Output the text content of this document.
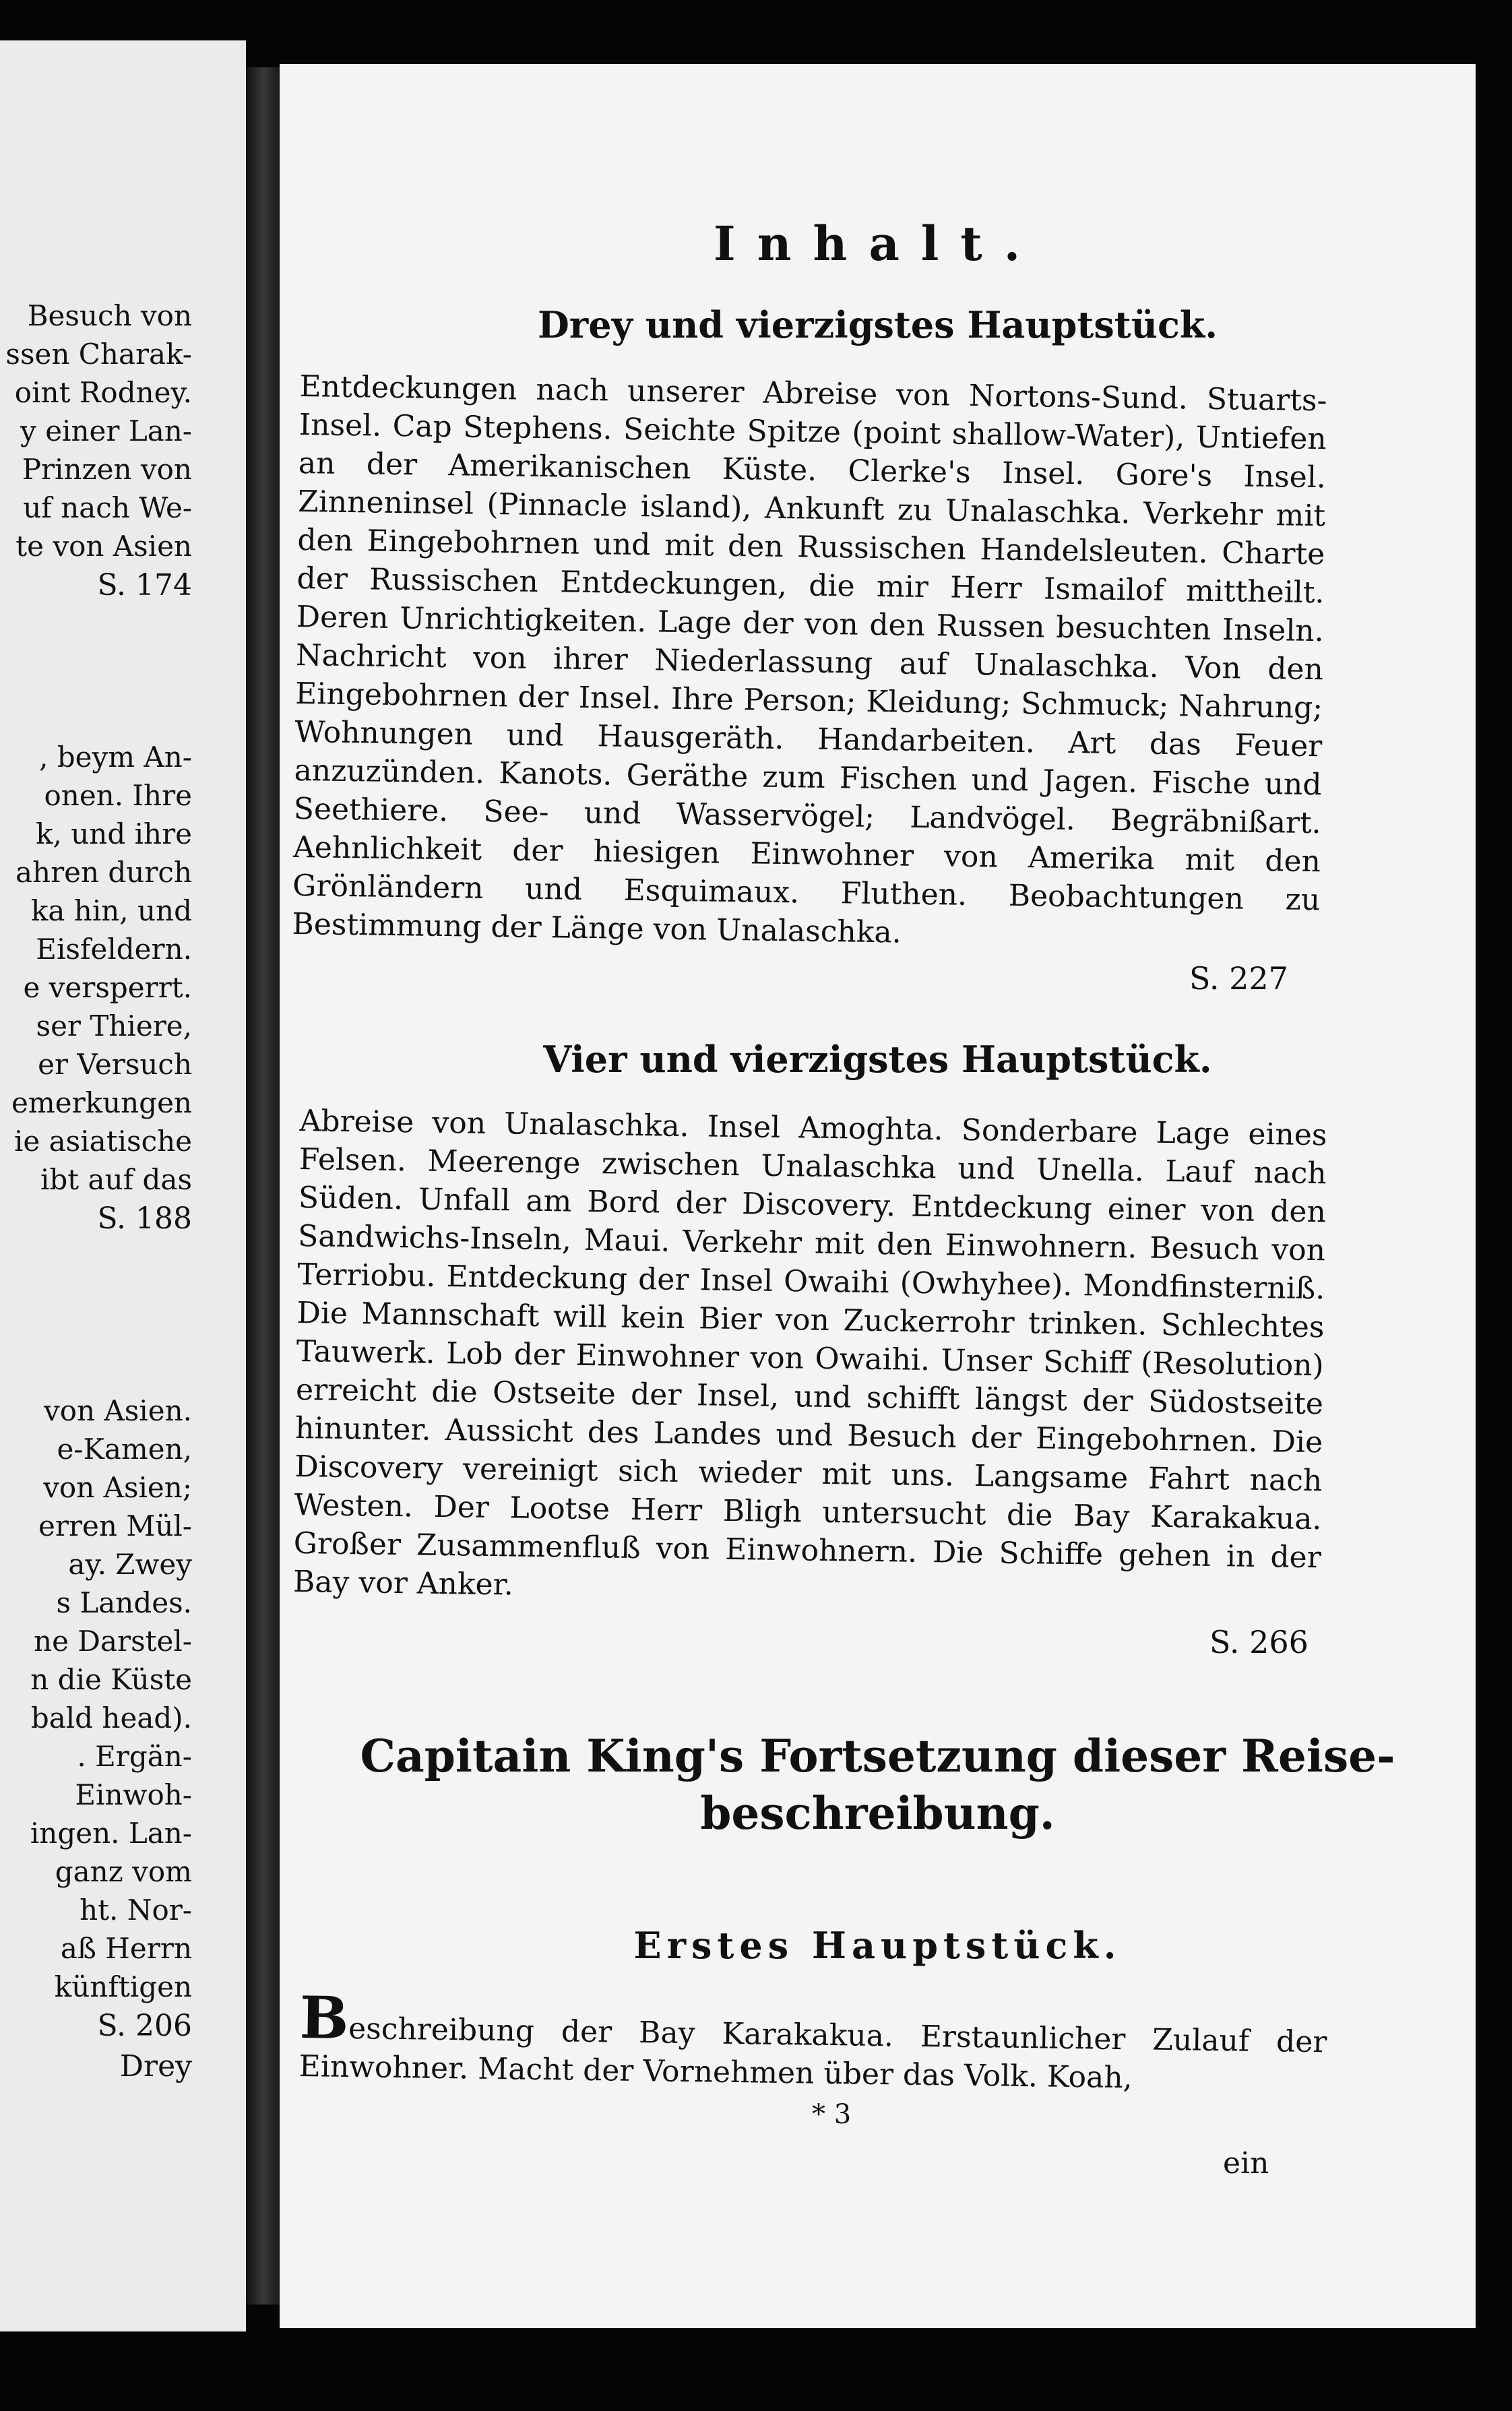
Besuch von
ssen Charak-
oint Rodney.
y einer Lan-
Prinzen von
uf nach We-
te von Asien
S. 174
, beym An-
onen. Ihre
k, und ihre
ahren durch
ka hin, und
Eisfeldern.
e versperrt.
ser Thiere,
er Versuch
emerkungen
ie asiatische
ibt auf das
S. 188
von Asien.
e-Kamen,
von Asien;
erren Mül-
ay. Zwey
s Landes.
ne Darstel-
n die Küste
bald head).
. Ergän-
Einwoh-
ingen. Lan-
ganz vom
ht. Nor-
aß Herrn
künftigen
S. 206
Drey
Inhalt.
Drey und vierzigstes Hauptstück.
Entdeckungen nach unserer Abreise von Nortons-Sund. Stuarts-Insel. Cap Stephens. Seichte Spitze (point shallow-Water), Untiefen an der Amerikanischen Küste. Clerke's Insel. Gore's Insel. Zinneninsel (Pinnacle island), Ankunft zu Unalaschka. Verkehr mit den Eingebohrnen und mit den Russischen Handelsleuten. Charte der Russischen Entdeckungen, die mir Herr Ismailof mittheilt. Deren Unrichtigkeiten. Lage der von den Russen besuchten Inseln. Nachricht von ihrer Niederlassung auf Unalaschka. Von den Eingebohrnen der Insel. Ihre Person; Kleidung; Schmuck; Nahrung; Wohnungen und Hausgeräth. Handarbeiten. Art das Feuer anzuzünden. Kanots. Geräthe zum Fischen und Jagen. Fische und Seethiere. See- und Wasservögel; Landvögel. Begräbnißart. Aehnlichkeit der hiesigen Einwohner von Amerika mit den Grönländern und Esquimaux. Fluthen. Beobachtungen zu Bestimmung der Länge von Unalaschka.
S. 227
Vier und vierzigstes Hauptstück.
Abreise von Unalaschka. Insel Amoghta. Sonderbare Lage eines Felsen. Meerenge zwischen Unalaschka und Unella. Lauf nach Süden. Unfall am Bord der Discovery. Entdeckung einer von den Sandwichs-Inseln, Maui. Verkehr mit den Einwohnern. Besuch von Terriobu. Entdeckung der Insel Owaihi (Owhyhee). Mondfinsterniß. Die Mannschaft will kein Bier von Zuckerrohr trinken. Schlechtes Tauwerk. Lob der Einwohner von Owaihi. Unser Schiff (Resolution) erreicht die Ostseite der Insel, und schifft längst der Südostseite hinunter. Aussicht des Landes und Besuch der Eingebohrnen. Die Discovery vereinigt sich wieder mit uns. Langsame Fahrt nach Westen. Der Lootse Herr Bligh untersucht die Bay Karakakua. Großer Zusammenfluß von Einwohnern. Die Schiffe gehen in der Bay vor Anker.
S. 266
Capitain King's Fortsetzung dieser Reise-
beschreibung.
Erstes Hauptstück.
Beschreibung der Bay Karakakua. Erstaunlicher Zulauf der Einwohner. Macht der Vornehmen über das Volk. Koah,
* 3
ein
